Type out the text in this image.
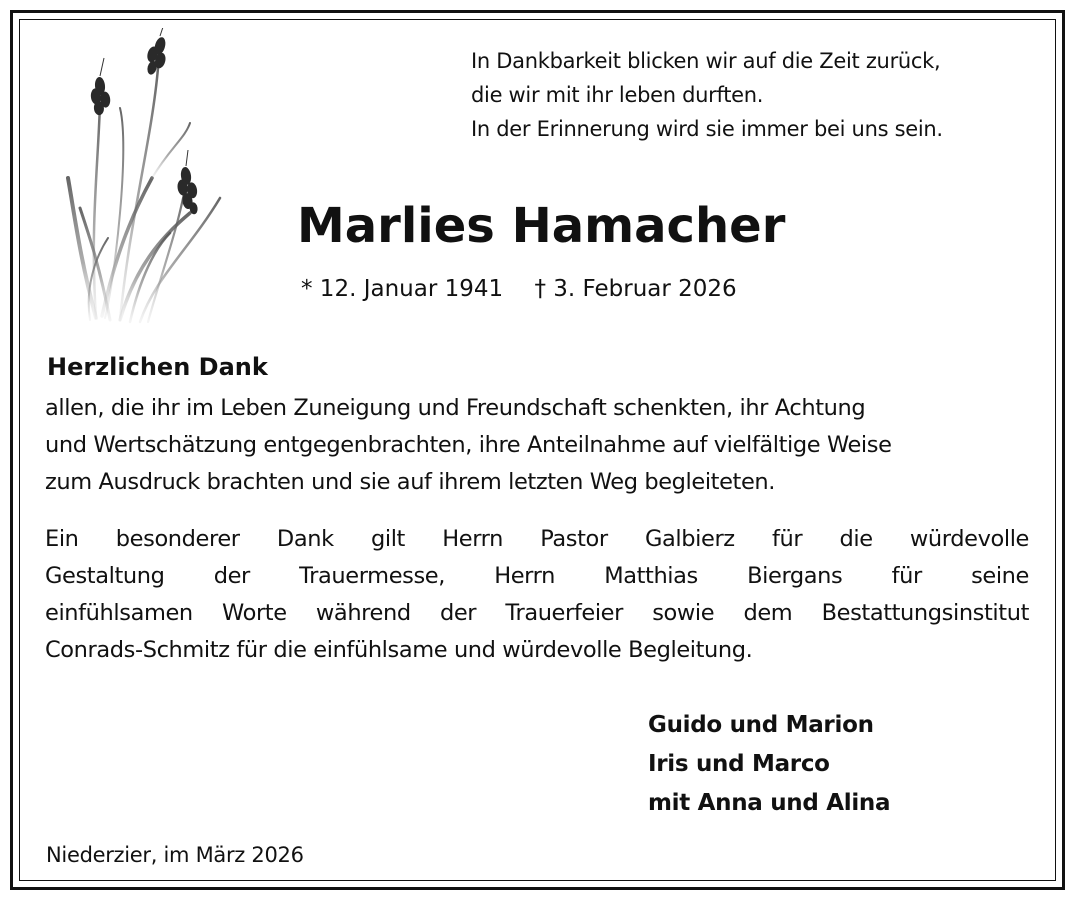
In Dankbarkeit blicken wir auf die Zeit zurück,
die wir mit ihr leben durften.
In der Erinnerung wird sie immer bei uns sein.
Marlies Hamacher
* 12. Januar 1941 † 3. Februar 2026
Herzlichen Dank
allen, die ihr im Leben Zuneigung und Freundschaft schenkten, ihr Achtung
und Wertschätzung entgegenbrachten, ihre Anteilnahme auf vielfältige Weise
zum Ausdruck brachten und sie auf ihrem letzten Weg begleiteten.
Ein besonderer Dank gilt Herrn Pastor Galbierz für die würdevolle
Gestaltung der Trauermesse, Herrn Matthias Biergans für seine
einfühlsamen Worte während der Trauerfeier sowie dem Bestattungsinstitut
Conrads-Schmitz für die einfühlsame und würdevolle Begleitung.
Guido und Marion
Iris und Marco
mit Anna und Alina
Niederzier, im März 2026
